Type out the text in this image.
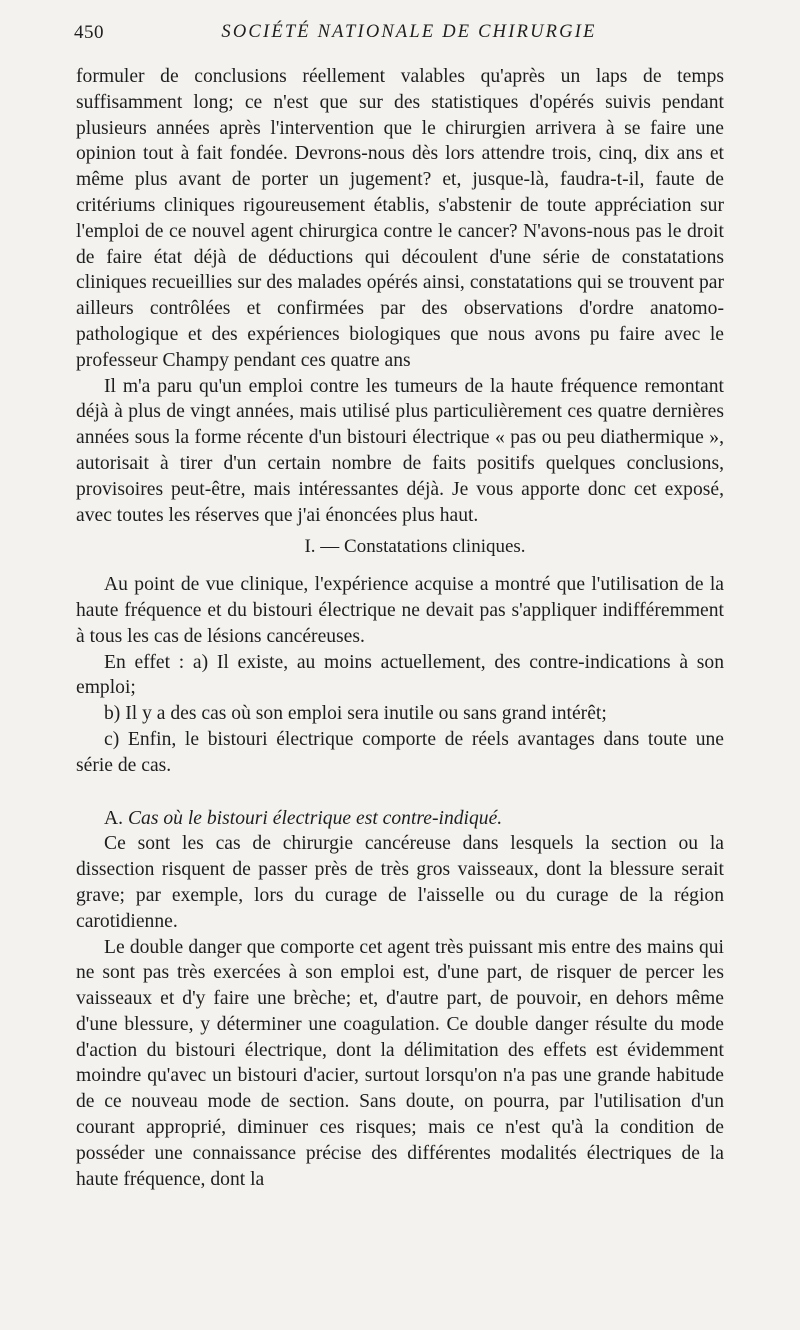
450	SOCIÉTÉ NATIONALE DE CHIRURGIE

formuler de conclusions réellement valables qu'après un laps de temps suffisamment long; ce n'est que sur des statistiques d'opérés suivis pendant plusieurs années après l'intervention que le chirurgien arrivera à se faire une opinion tout à fait fondée. Devrons-nous dès lors attendre trois, cinq, dix ans et même plus avant de porter un jugement? et, jusque-là, faudra-t-il, faute de critériums cliniques rigoureusement établis, s'abstenir de toute appréciation sur l'emploi de ce nouvel agent chirurgica contre le cancer? N'avons-nous pas le droit de faire état déjà de déductions qui découlent d'une série de constatations cliniques recueillies sur des malades opérés ainsi, constatations qui se trouvent par ailleurs contrôlées et confirmées par des observations d'ordre anatomo-pathologique et des expériences biologiques que nous avons pu faire avec le professeur Champy pendant ces quatre ans

Il m'a paru qu'un emploi contre les tumeurs de la haute fréquence remontant déjà à plus de vingt années, mais utilisé plus particulièrement ces quatre dernières années sous la forme récente d'un bistouri électrique « pas ou peu diathermique », autorisait à tirer d'un certain nombre de faits positifs quelques conclusions, provisoires peut-être, mais intéressantes déjà. Je vous apporte donc cet exposé, avec toutes les réserves que j'ai énoncées plus haut.

I. — Constatations cliniques.

Au point de vue clinique, l'expérience acquise a montré que l'utilisation de la haute fréquence et du bistouri électrique ne devait pas s'appliquer indifféremment à tous les cas de lésions cancéreuses.

En effet : a) Il existe, au moins actuellement, des contre-indications à son emploi;

b) Il y a des cas où son emploi sera inutile ou sans grand intérêt;

c) Enfin, le bistouri électrique comporte de réels avantages dans toute une série de cas.

A. Cas où le bistouri électrique est contre-indiqué.

Ce sont les cas de chirurgie cancéreuse dans lesquels la section ou la dissection risquent de passer près de très gros vaisseaux, dont la blessure serait grave; par exemple, lors du curage de l'aisselle ou du curage de la région carotidienne.

Le double danger que comporte cet agent très puissant mis entre des mains qui ne sont pas très exercées à son emploi est, d'une part, de risquer de percer les vaisseaux et d'y faire une brèche; et, d'autre part, de pouvoir, en dehors même d'une blessure, y déterminer une coagulation. Ce double danger résulte du mode d'action du bistouri électrique, dont la délimitation des effets est évidemment moindre qu'avec un bistouri d'acier, surtout lorsqu'on n'a pas une grande habitude de ce nouveau mode de section. Sans doute, on pourra, par l'utilisation d'un courant approprié, diminuer ces risques; mais ce n'est qu'à la condition de posséder une connaissance précise des différentes modalités électriques de la haute fréquence, dont la
